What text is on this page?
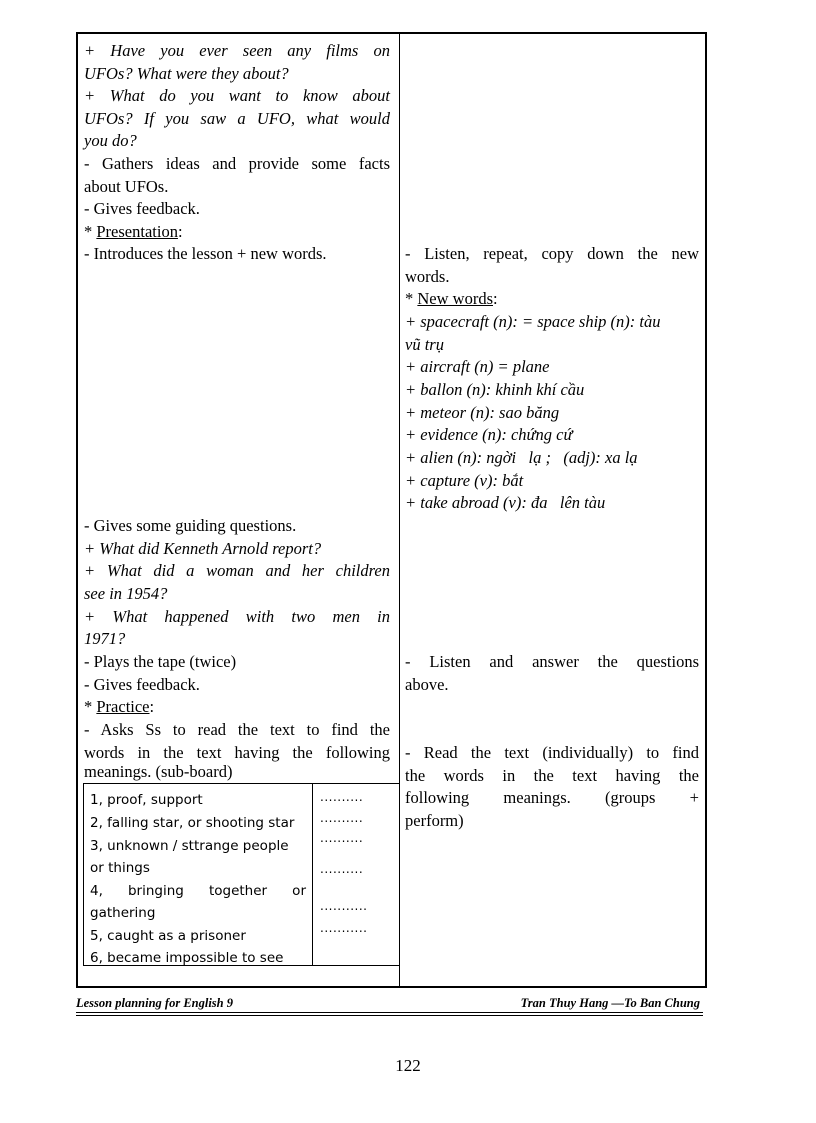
+ Have you ever seen any films on
UFOs? What were they about?
+ What do you want to know about
UFOs? If you saw a UFO, what would
you do?
- Gathers ideas and provide some facts
about UFOs.
- Gives feedback.
* Presentation:
- Introduces the lesson + new words.
- Gives some guiding questions.
+ What did Kenneth Arnold report?
+ What did a woman and her children
see in 1954?
+ What happened with two men in
1971?
- Plays the tape (twice)
- Gives feedback.
* Practice:
- Asks Ss to read the text to find the
words in the text having the following
meanings. (sub-board)
1, proof, support
2, falling star, or shooting star
3, unknown / sttrange people
or things
4, bringing together or
gathering
5, caught as a prisoner
6, became impossible to see
..........
..........
..........
..........
...........
...........
- Listen, repeat, copy down the new
words.
* New words:
+ spacecraft (n): = space ship (n): tàu
vũ trụ
+ aircraft (n) = plane
+ ballon (n): khinh khí cầu
+ meteor (n): sao băng
+ evidence (n): chứng cứ
+ alien (n): ngời   lạ ;   (adj): xa lạ
+ capture (v): bắt
+ take abroad (v): đa   lên tàu
- Listen and answer the questions
above.
- Read the text (individually) to find
the words in the text having the
following meanings. (groups +
perform)
Lesson planning for English 9	Tran Thuy Hang —To Ban Chung
122
